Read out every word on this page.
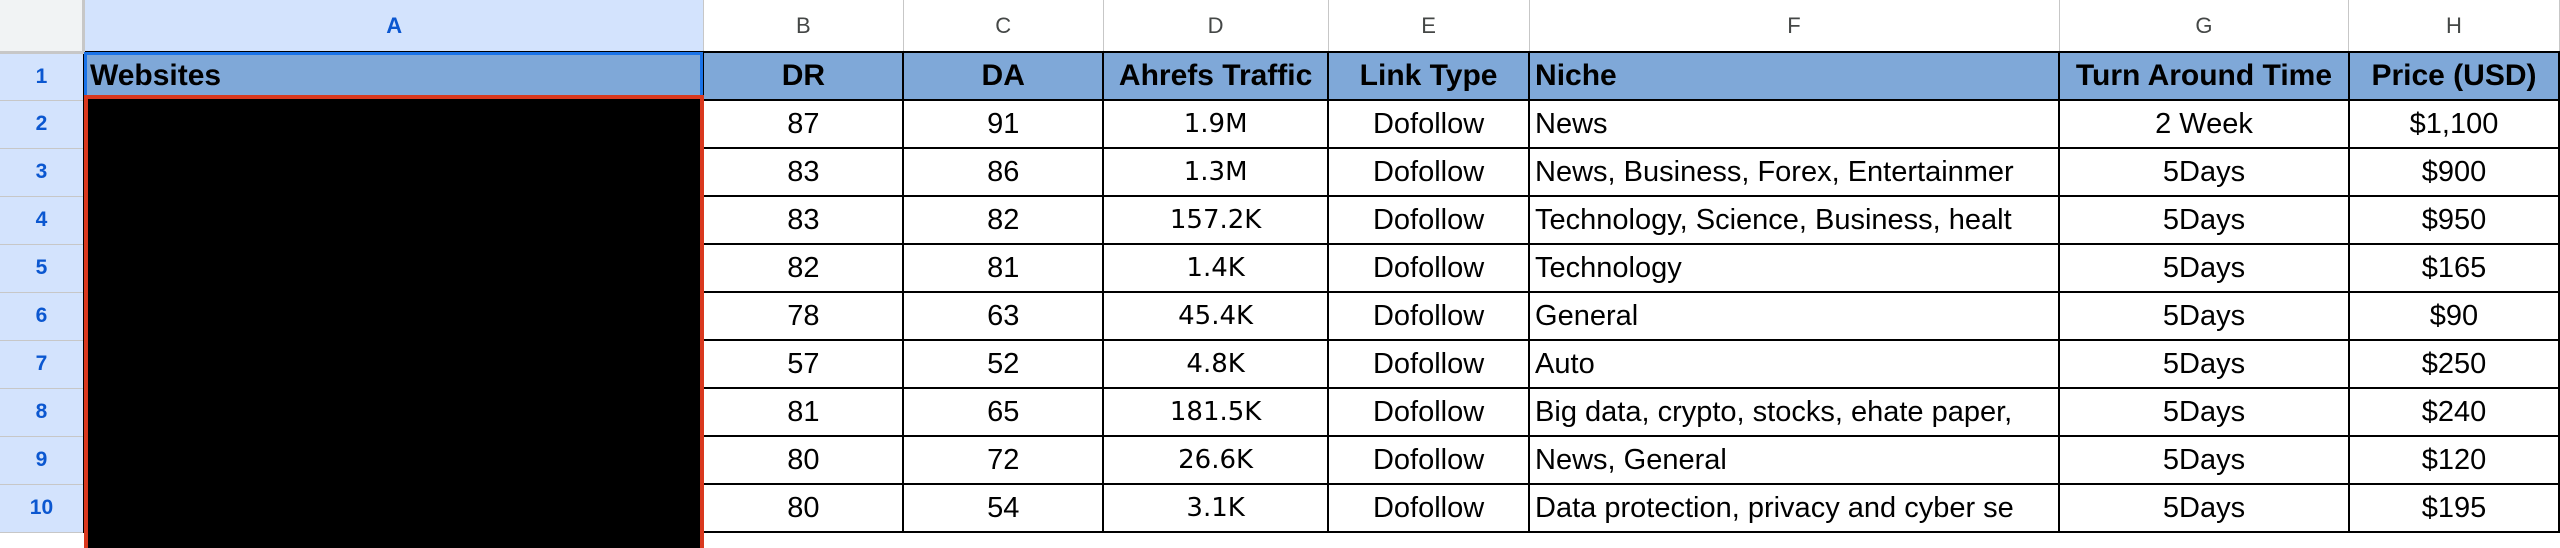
	A	B	C	D	E	F	G	H
1	Websites	DR	DA	Ahrefs Traffic	Link Type	Niche	Turn Around Time	Price (USD)
2		87	91	1.9M	Dofollow	News	2 Week	$1,100
3		83	86	1.3M	Dofollow	News, Business, Forex, Entertainmer	5Days	$900
4		83	82	157.2K	Dofollow	Technology, Science, Business, healt	5Days	$950
5		82	81	1.4K	Dofollow	Technology	5Days	$165
6		78	63	45.4K	Dofollow	General	5Days	$90
7		57	52	4.8K	Dofollow	Auto	5Days	$250
8		81	65	181.5K	Dofollow	Big data, crypto, stocks, ehate paper,	5Days	$240
9		80	72	26.6K	Dofollow	News, General	5Days	$120
10		80	54	3.1K	Dofollow	Data protection, privacy and cyber se	5Days	$195
